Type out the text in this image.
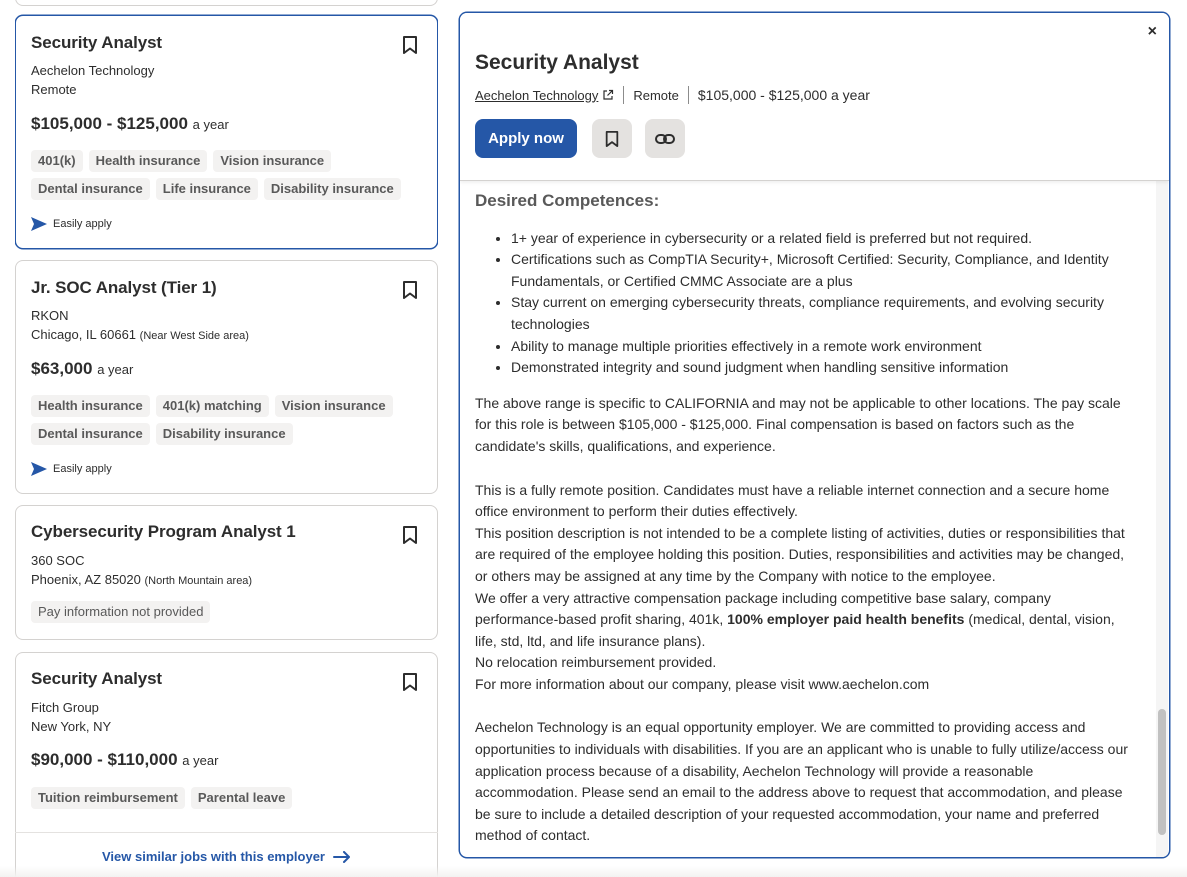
Security Analyst
Aechelon Technology
Remote
$105,000 - $125,000 a year
401(k)	Health insurance	Vision insurance
Dental insurance	Life insurance	Disability insurance
Easily apply
Jr. SOC Analyst (Tier 1)
RKON
Chicago, IL 60661 (Near West Side area)
$63,000 a year
Health insurance	401(k) matching	Vision insurance
Dental insurance	Disability insurance
Easily apply
Cybersecurity Program Analyst 1
360 SOC
Phoenix, AZ 85020 (North Mountain area)
Pay information not provided
Security Analyst
Fitch Group
New York, NY
$90,000 - $110,000 a year
Tuition reimbursement	Parental leave
View similar jobs with this employer
×
Security Analyst
Aechelon Technology	Remote $105,000 - $125,000 a year
Apply now
Desired Competences:
• 1+ year of experience in cybersecurity or a related field is preferred but not required.
• Certifications such as CompTIA Security+, Microsoft Certified: Security, Compliance, and Identity Fundamentals, or Certified CMMC Associate are a plus
• Stay current on emerging cybersecurity threats, compliance requirements, and evolving security technologies
• Ability to manage multiple priorities effectively in a remote work environment
• Demonstrated integrity and sound judgment when handling sensitive information

The above range is specific to CALIFORNIA and may not be applicable to other locations. The pay scale for this role is between $105,000 - $125,000. Final compensation is based on factors such as the candidate's skills, qualifications, and experience.

This is a fully remote position. Candidates must have a reliable internet connection and a secure home office environment to perform their duties effectively.

This position description is not intended to be a complete listing of activities, duties or responsibilities that are required of the employee holding this position. Duties, responsibilities and activities may be changed, or others may be assigned at any time by the Company with notice to the employee.

We offer a very attractive compensation package including competitive base salary, company performance-based profit sharing, 401k, 100% employer paid health benefits (medical, dental, vision, life, std, ltd, and life insurance plans).

No relocation reimbursement provided.

For more information about our company, please visit www.aechelon.com

Aechelon Technology is an equal opportunity employer. We are committed to providing access and opportunities to individuals with disabilities. If you are an applicant who is unable to fully utilize/access our application process because of a disability, Aechelon Technology will provide a reasonable accommodation. Please send an email to the address above to request that accommodation, and please be sure to include a detailed description of your requested accommodation, your name and preferred method of contact.
